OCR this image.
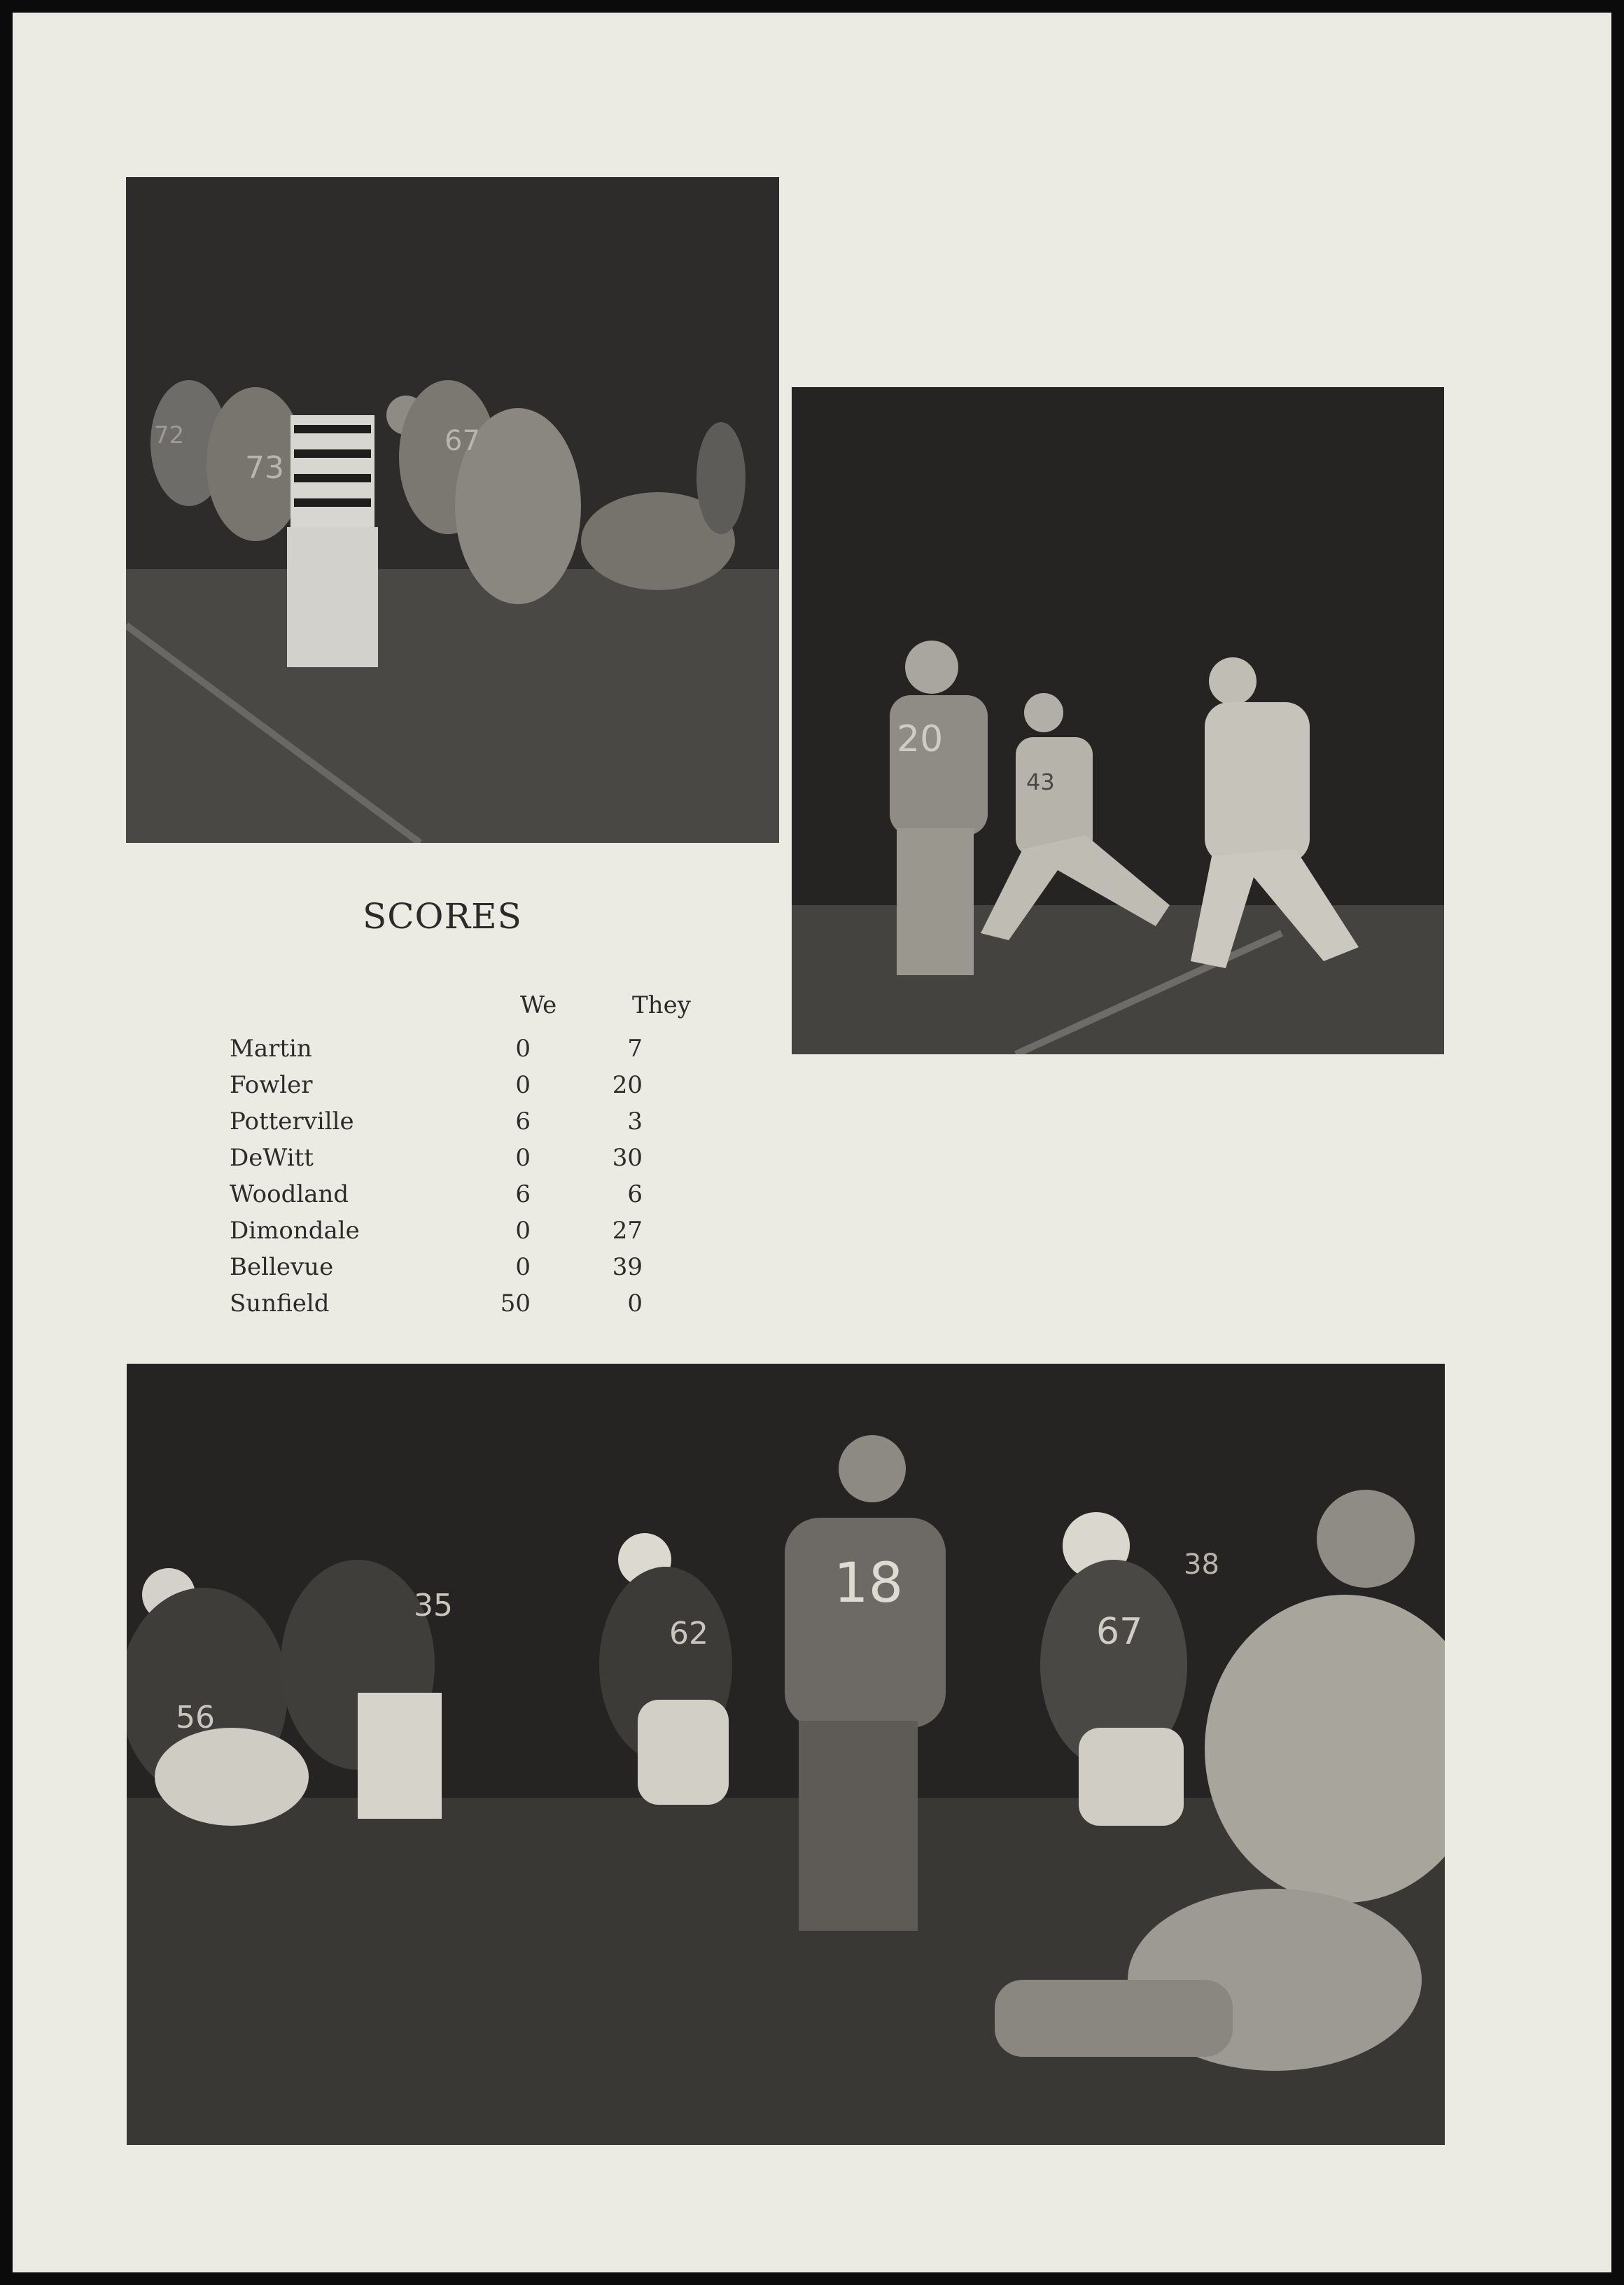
73
67
72
20
43
SCORES
We	They
Martin	0	7
Fowler	0	20
Potterville	6	3
DeWitt	0	30
Woodland	6	6
Dimondale	0	27
Bellevue	0	39
Sunfield	50	0
56
35
62
18
67
38
